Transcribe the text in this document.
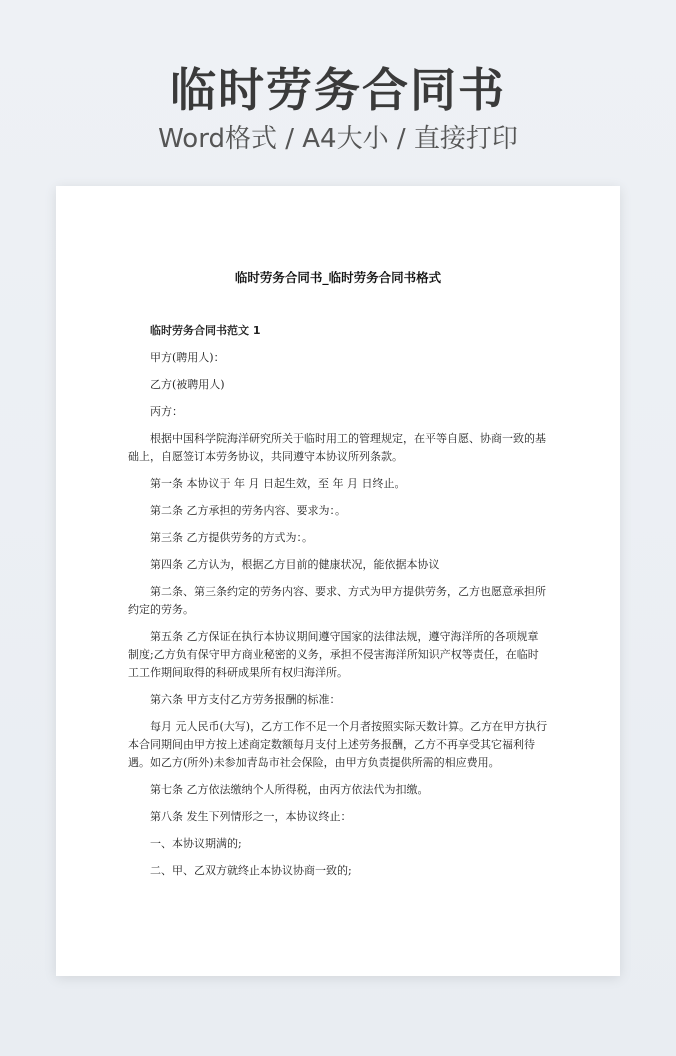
临时劳务合同书
Word格式 / A4大小 / 直接打印
临时劳务合同书_临时劳务合同书格式

临时劳务合同书范文 1

甲方(聘用人)：

乙方(被聘用人)

丙方：

根据中国科学院海洋研究所关于临时用工的管理规定，在平等自愿、协商一致的基础上，自愿签订本劳务协议，共同遵守本协议所列条款。

第一条 本协议于 年 月 日起生效，至 年 月 日终止。

第二条 乙方承担的劳务内容、要求为：。

第三条 乙方提供劳务的方式为：。

第四条 乙方认为，根据乙方目前的健康状况，能依据本协议

第二条、第三条约定的劳务内容、要求、方式为甲方提供劳务，乙方也愿意承担所约定的劳务。

第五条 乙方保证在执行本协议期间遵守国家的法律法规，遵守海洋所的各项规章制度;乙方负有保守甲方商业秘密的义务，承担不侵害海洋所知识产权等责任，在临时工工作期间取得的科研成果所有权归海洋所。

第六条 甲方支付乙方劳务报酬的标准：

每月 元人民币(大写)，乙方工作不足一个月者按照实际天数计算。乙方在甲方执行本合同期间由甲方按上述商定数额每月支付上述劳务报酬，乙方不再享受其它福利待遇。如乙方(所外)未参加青岛市社会保险，由甲方负责提供所需的相应费用。

第七条 乙方依法缴纳个人所得税，由丙方依法代为扣缴。

第八条 发生下列情形之一，本协议终止：

一、本协议期满的;

二、甲、乙双方就终止本协议协商一致的;
